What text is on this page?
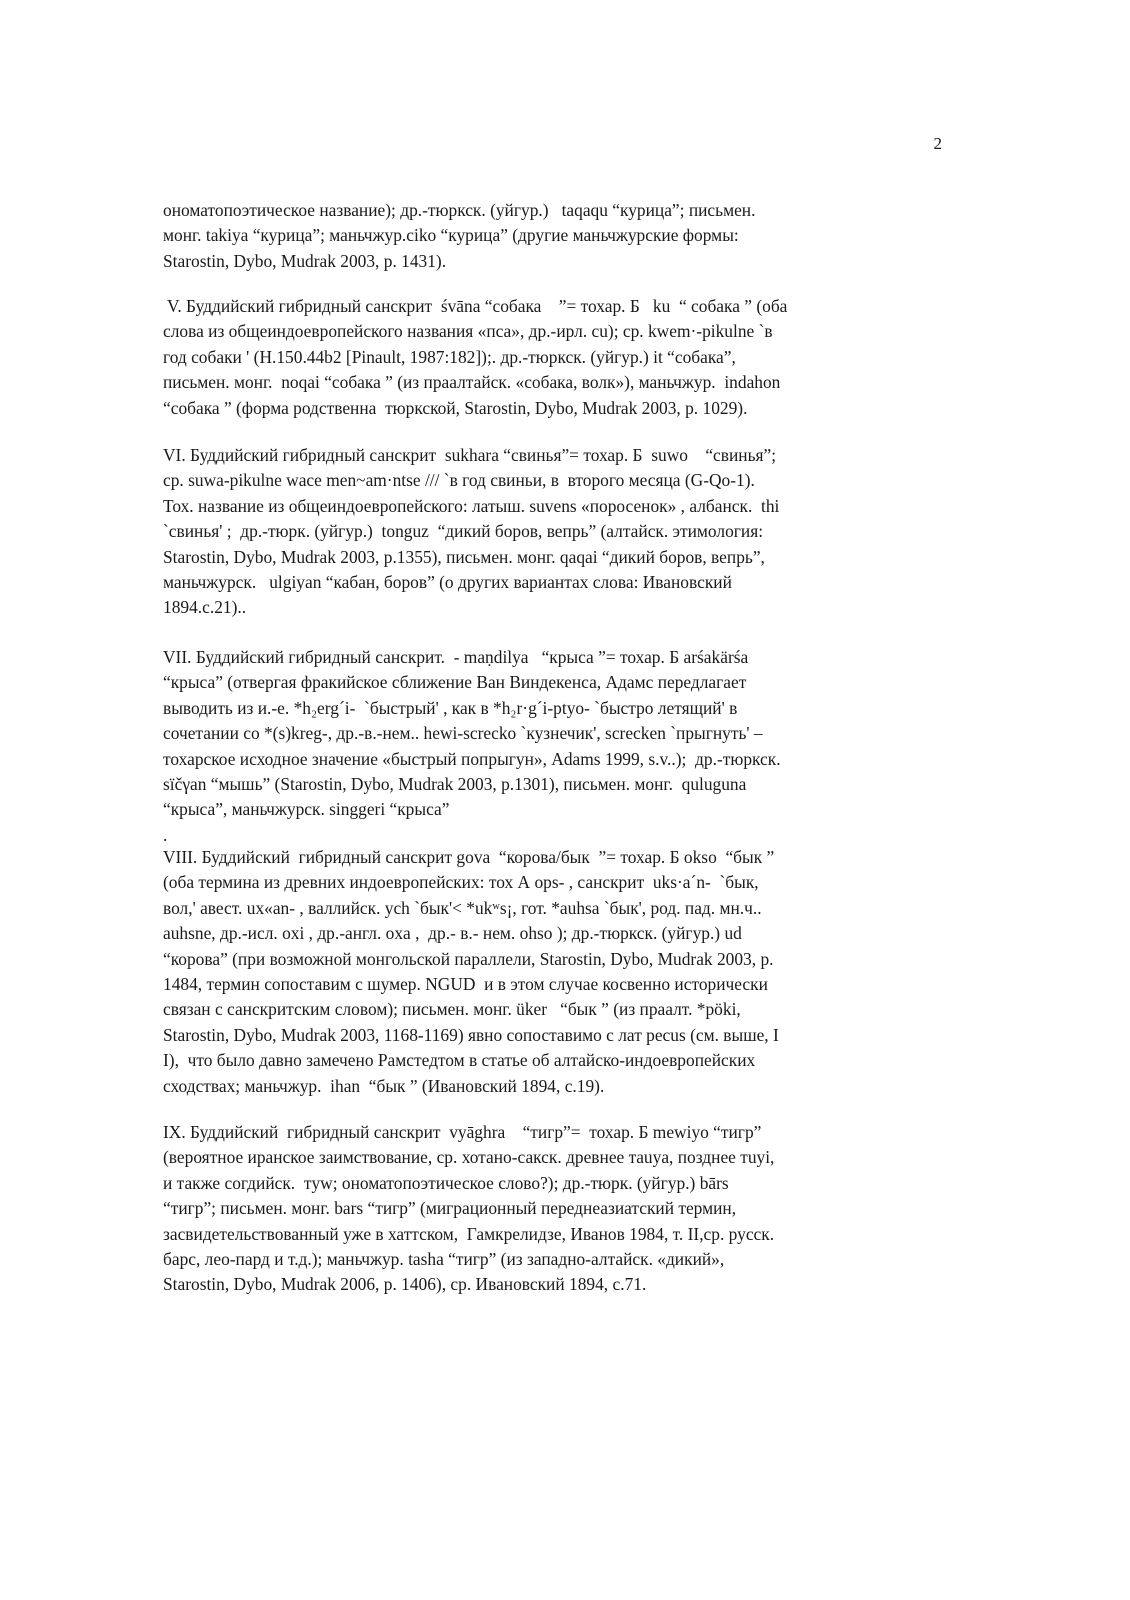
2
ономатопоэтическое название); др.-тюркск. (уйгур.)   taqaqu “курица”; письмен.
монг. takiya “курица”; маньчжур.ciko “курица” (другие маньчжурские формы:
Starostin, Dybo, Mudrak 2003, p. 1431).
V. Буддийский гибридный санскрит  śvāna “собака    ”= тохар. Б   ku  “ собака ” (оба
слова из общеиндоевропейского названия «пса», др.-ирл. cu); ср. kwem·-pikulne `в
год собаки ' (H.150.44b2 [Pinault, 1987:182]);. др.-тюркск. (уйгур.) it “собака”,
письмен. монг.  noqai “собака ” (из праалтайск. «собака, волк»), маньчжур.  indahon
“собака ” (форма родственна  тюркской, Starostin, Dybo, Mudrak 2003, p. 1029).
VI. Буддийский гибридный санскрит  sukhara “свинья”= тохар. Б  suwo    “свинья”;
ср. suwa-pikulne wace men~am·ntse /// `в год свиньи, в  второго месяца (G-Qo-1).
Тох. название из общеиндоевропейского: латыш. suvens «поросенок» , албанск.  thi
`свинья' ;  др.-тюрк. (уйгур.)  tonguz  “дикий боров, вепрь” (алтайск. этимология:
Starostin, Dybo, Mudrak 2003, p.1355), письмен. монг. qaqai “дикий боров, вепрь”,
маньчжурск.   ulgiyan “кабан, боров” (о других вариантах слова: Ивановский
1894.c.21)..
VII. Буддийский гибридный санскрит.  - maṇdilya   “крыса ”= тохар. Б arśakärśa
“крыса” (отвергая фракийское сближение Ван Виндекенса, Адамс передлагает
выводить из и.-е. *h₂erg´i-  `быстрый' , как в *h₂r·g´i-ptyo- `быстро летящий' в
сочетании со *(s)kreg-, др.-в.-нем.. hewi-screcko `кузнечик', screcken `прыгнуть' –
тохарское исходное значение «быстрый попрыгун», Adams 1999, s.v..);  др.-тюркск.
sïčγan “мышь” (Starostin, Dybo, Mudrak 2003, p.1301), письмен. монг.  quluguna
“крыса”, маньчжурск. singgeri “крыса”
.
VIII. Буддийский  гибридный санскрит gova  “корова/бык  ”= тохар. Б okso  “бык ”
(оба термина из древних индоевропейских: тох А ops- , санскрит  uks·a´n-  `бык,
вол,' авест. ux«an- , валлийск. ych `бык'< *ukʷs¡, гот. *auhsa `бык', род. пад. мн.ч..
auhsne, др.-исл. oxi , др.-англ. oxa ,  др.- в.- нем. ohso ); др.-тюркск. (уйгур.) ud
“корова” (при возможной монгольской параллели, Starostin, Dybo, Mudrak 2003, p.
1484, термин сопоставим с шумер. NGUD  и в этом случае косвенно исторически
связан с санскритским словом); письмен. монг. üker   “бык ” (из праалт. *pöki,
Starostin, Dybo, Mudrak 2003, 1168-1169) явно сопоставимо с лат pecus (см. выше, I
I),  что было давно замечено Рамстедтом в статье об алтайско-индоевропейских
сходствах; маньчжур.  ihan  “бык ” (Ивановский 1894, с.19).
IX. Буддийский  гибридный санскрит  vyāghra    “тигр”=  тохар. Б mewiyo “тигр”
(вероятное иранское заимствование, ср. хотано-сакск. древнее тauya, позднее тuyi,
и также согдийск.  тyw; ономатопоэтическое слово?); др.-тюрк. (уйгур.) bārs
“тигр”; письмен. монг. bars “тигр” (миграционный переднеазиатский термин,
засвидетельствованный уже в хаттском,  Гамкрелидзе, Иванов 1984, т. II,ср. русск.
барс, лео-пард и т.д.); маньчжур. tasha “тигр” (из западно-алтайск. «дикий»,
Starostin, Dybo, Mudrak 2006, p. 1406), ср. Ивановский 1894, с.71.
